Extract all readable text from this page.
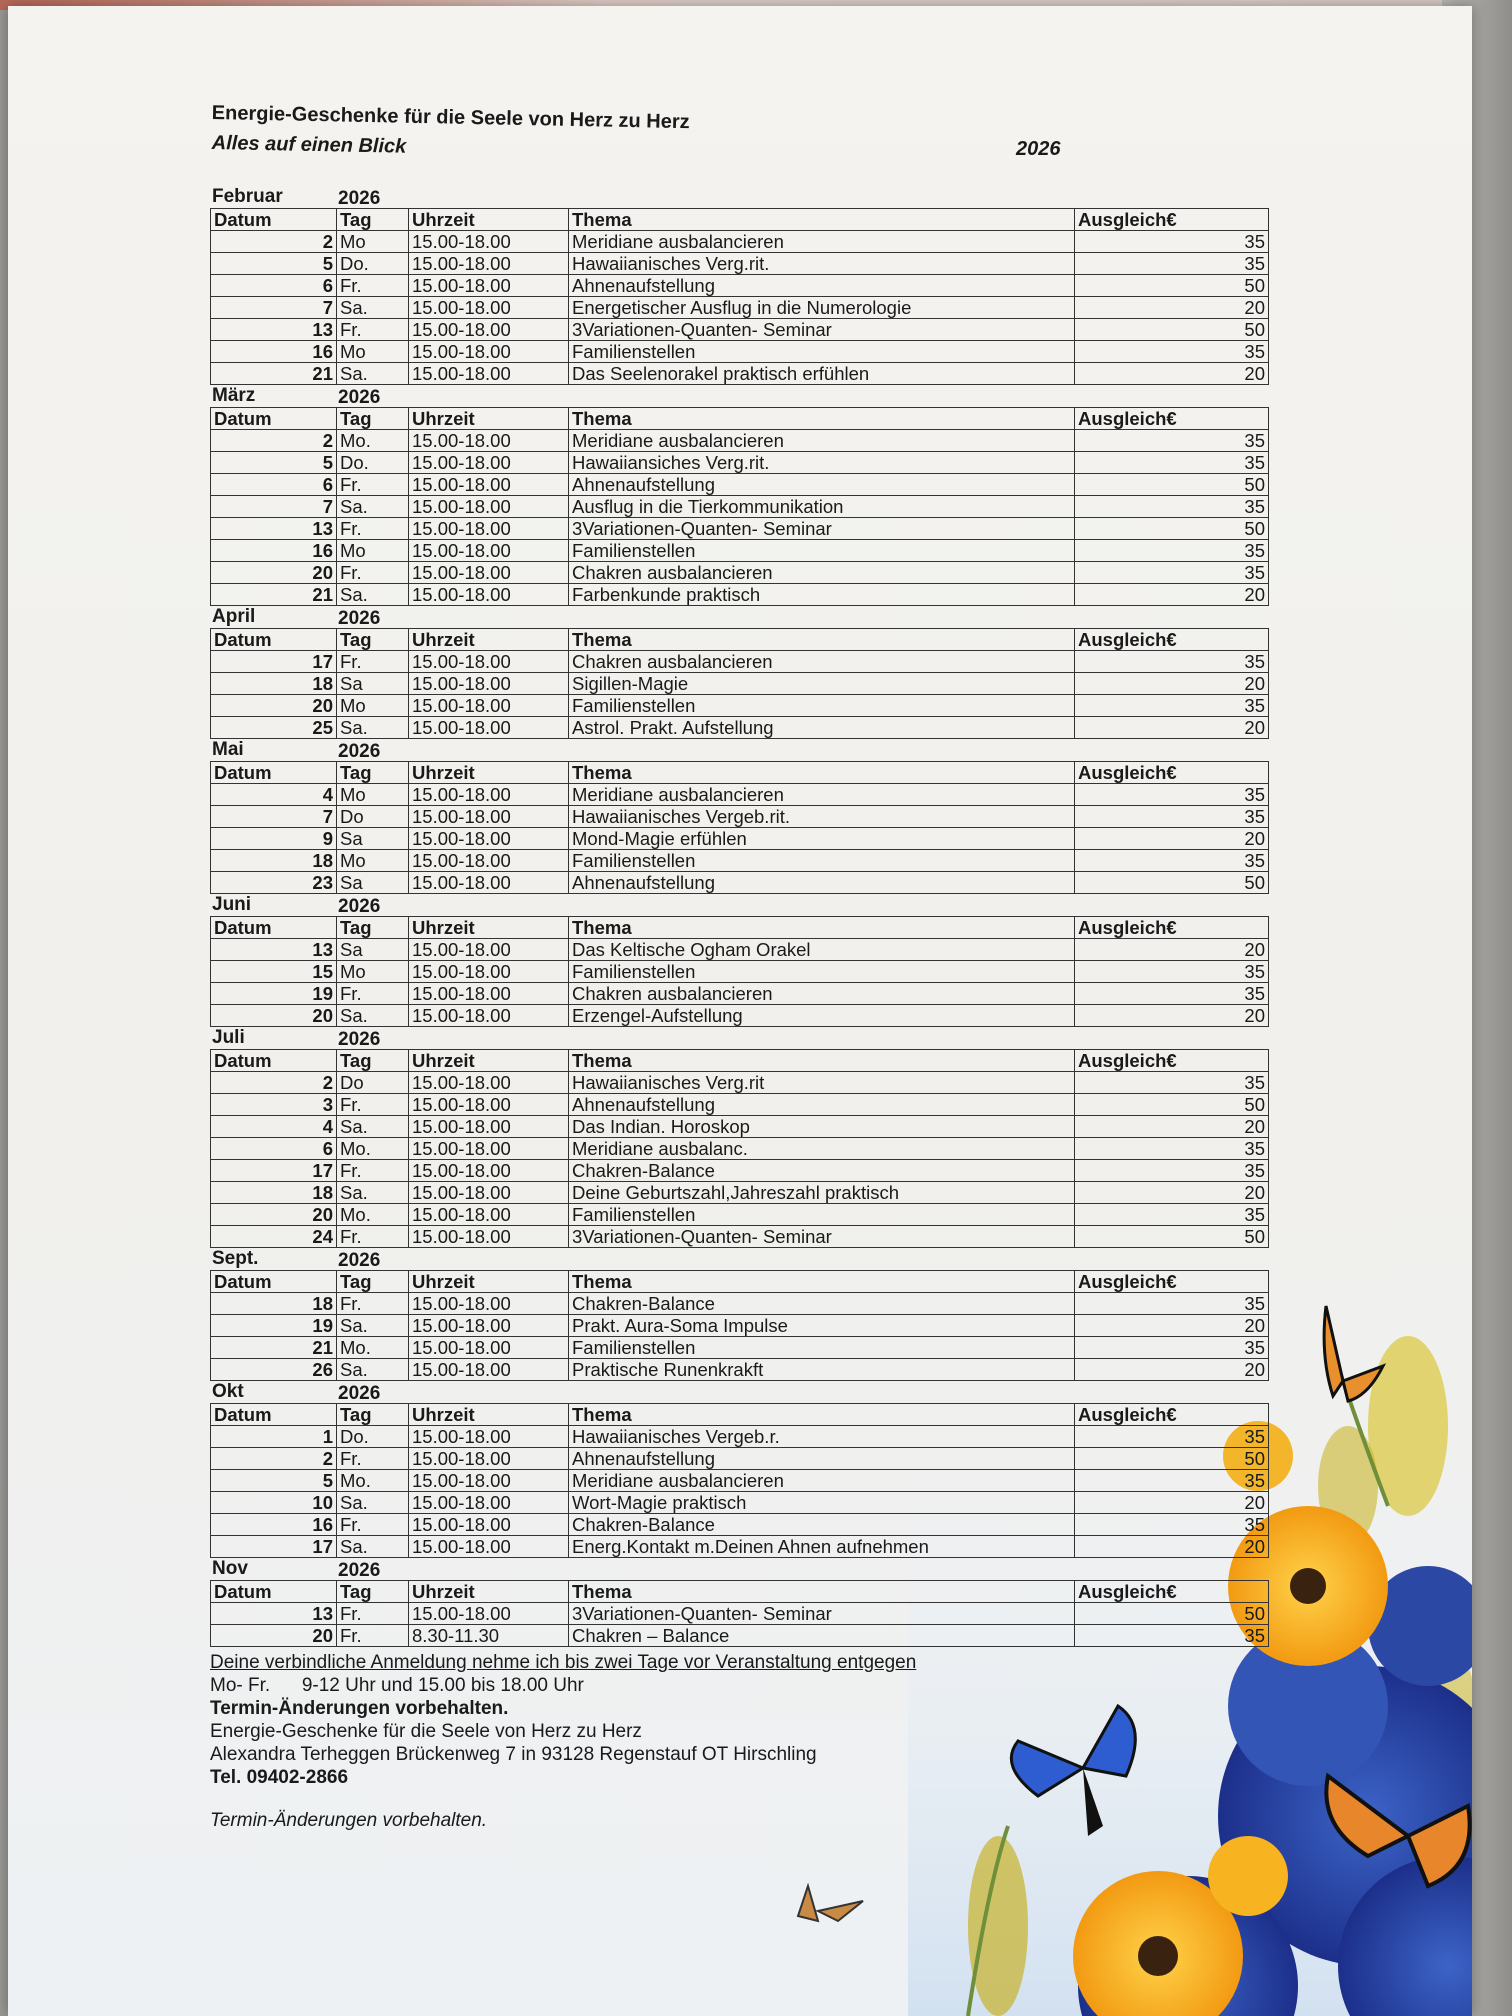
Energie-Geschenke für die Seele von Herz zu Herz
Alles auf einen Blick	2026
Februar	2026
Datum	Tag	Uhrzeit	Thema	Ausgleich€
2	Mo	15.00-18.00	Meridiane ausbalancieren	35
5	Do.	15.00-18.00	Hawaiianisches Verg.rit.	35
6	Fr.	15.00-18.00	Ahnenaufstellung	50
7	Sa.	15.00-18.00	Energetischer Ausflug in die Numerologie	20
13	Fr.	15.00-18.00	3Variationen-Quanten- Seminar	50
16	Mo	15.00-18.00	Familienstellen	35
21	Sa.	15.00-18.00	Das Seelenorakel praktisch erfühlen	20
März	2026
Datum	Tag	Uhrzeit	Thema	Ausgleich€
2	Mo.	15.00-18.00	Meridiane ausbalancieren	35
5	Do.	15.00-18.00	Hawaiiansiches Verg.rit.	35
6	Fr.	15.00-18.00	Ahnenaufstellung	50
7	Sa.	15.00-18.00	Ausflug in die Tierkommunikation	35
13	Fr.	15.00-18.00	3Variationen-Quanten- Seminar	50
16	Mo	15.00-18.00	Familienstellen	35
20	Fr.	15.00-18.00	Chakren ausbalancieren	35
21	Sa.	15.00-18.00	Farbenkunde praktisch	20
April	2026
Datum	Tag	Uhrzeit	Thema	Ausgleich€
17	Fr.	15.00-18.00	Chakren ausbalancieren	35
18	Sa	15.00-18.00	Sigillen-Magie	20
20	Mo	15.00-18.00	Familienstellen	35
25	Sa.	15.00-18.00	Astrol. Prakt. Aufstellung	20
Mai	2026
Datum	Tag	Uhrzeit	Thema	Ausgleich€
4	Mo	15.00-18.00	Meridiane ausbalancieren	35
7	Do	15.00-18.00	Hawaiianisches Vergeb.rit.	35
9	Sa	15.00-18.00	Mond-Magie erfühlen	20
18	Mo	15.00-18.00	Familienstellen	35
23	Sa	15.00-18.00	Ahnenaufstellung	50
Juni	2026
Datum	Tag	Uhrzeit	Thema	Ausgleich€
13	Sa	15.00-18.00	Das Keltische Ogham Orakel	20
15	Mo	15.00-18.00	Familienstellen	35
19	Fr.	15.00-18.00	Chakren ausbalancieren	35
20	Sa.	15.00-18.00	Erzengel-Aufstellung	20
Juli	2026
Datum	Tag	Uhrzeit	Thema	Ausgleich€
2	Do	15.00-18.00	Hawaiianisches Verg.rit	35
3	Fr.	15.00-18.00	Ahnenaufstellung	50
4	Sa.	15.00-18.00	Das Indian. Horoskop	20
6	Mo.	15.00-18.00	Meridiane ausbalanc.	35
17	Fr.	15.00-18.00	Chakren-Balance	35
18	Sa.	15.00-18.00	Deine Geburtszahl,Jahreszahl praktisch	20
20	Mo.	15.00-18.00	Familienstellen	35
24	Fr.	15.00-18.00	3Variationen-Quanten- Seminar	50
Sept.	2026
Datum	Tag	Uhrzeit	Thema	Ausgleich€
18	Fr.	15.00-18.00	Chakren-Balance	35
19	Sa.	15.00-18.00	Prakt. Aura-Soma Impulse	20
21	Mo.	15.00-18.00	Familienstellen	35
26	Sa.	15.00-18.00	Praktische Runenkrakft	20
Okt	2026
Datum	Tag	Uhrzeit	Thema	Ausgleich€
1	Do.	15.00-18.00	Hawaiianisches Vergeb.r.	35
2	Fr.	15.00-18.00	Ahnenaufstellung	50
5	Mo.	15.00-18.00	Meridiane ausbalancieren	35
10	Sa.	15.00-18.00	Wort-Magie praktisch	20
16	Fr.	15.00-18.00	Chakren-Balance	35
17	Sa.	15.00-18.00	Energ.Kontakt m.Deinen Ahnen aufnehmen	20
Nov	2026
Datum	Tag	Uhrzeit	Thema	Ausgleich€
13	Fr.	15.00-18.00	3Variationen-Quanten- Seminar	50
20	Fr.	8.30-11.30	Chakren – Balance	35
Deine verbindliche Anmeldung nehme ich bis zwei Tage vor Veranstaltung entgegen
Mo- Fr.      9-12 Uhr und 15.00 bis 18.00 Uhr
Termin-Änderungen vorbehalten.
Energie-Geschenke für die Seele von Herz zu Herz
Alexandra Terheggen Brückenweg 7 in 93128 Regenstauf OT Hirschling
Tel. 09402-2866
Termin-Änderungen vorbehalten.
